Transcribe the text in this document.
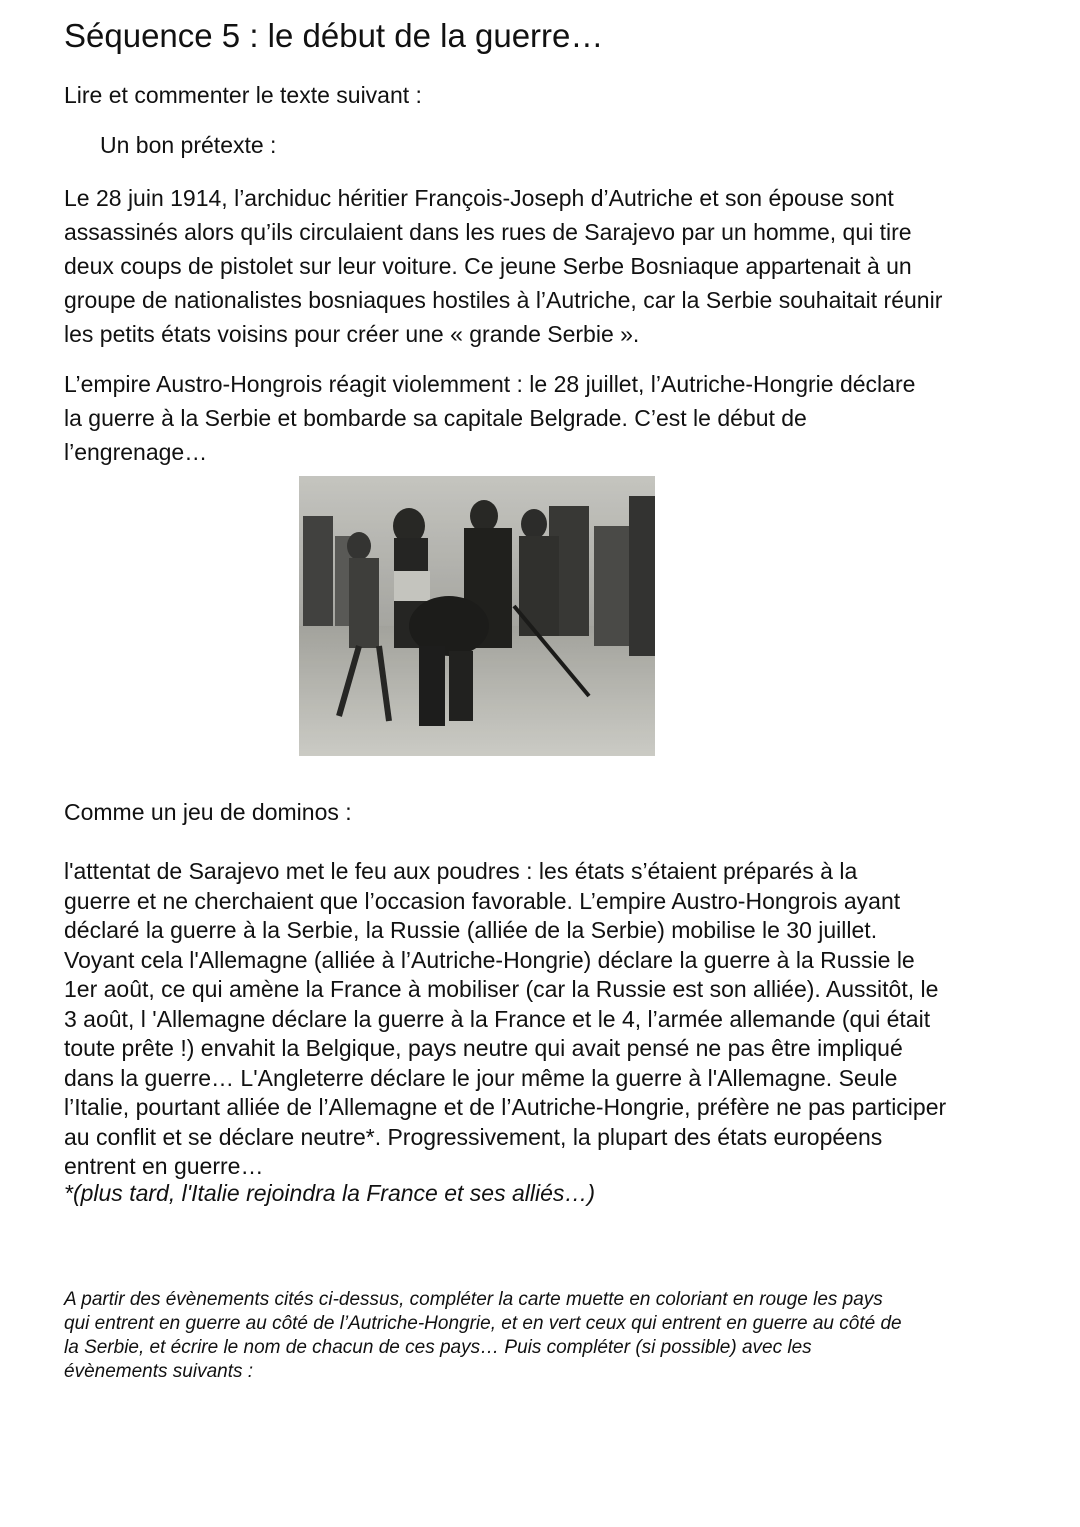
Séquence 5 : le début de la guerre…
Lire et commenter le texte suivant :
Un bon prétexte :

Le 28 juin 1914, l’archiduc héritier François-Joseph d’Autriche et son épouse sont
assassinés alors qu’ils circulaient dans les rues de Sarajevo par un homme, qui tire
deux coups de pistolet sur leur voiture. Ce jeune Serbe Bosniaque appartenait à un
groupe de nationalistes bosniaques hostiles à l’Autriche, car la Serbie souhaitait réunir
les petits états voisins pour créer une « grande Serbie ».

L’empire Austro-Hongrois réagit violemment : le 28 juillet, l’Autriche-Hongrie déclare
la guerre à la Serbie et bombarde sa capitale Belgrade. C’est le début de
l’engrenage…

Comme un jeu de dominos :

l'attentat de Sarajevo met le feu aux poudres : les états s’étaient préparés à la
guerre et ne cherchaient que l’occasion favorable. L’empire Austro-Hongrois ayant
déclaré la guerre à la Serbie, la Russie (alliée de la Serbie) mobilise le 30 juillet.
Voyant cela l'Allemagne (alliée à l’Autriche-Hongrie) déclare la guerre à la Russie le
1er août, ce qui amène la France à mobiliser (car la Russie est son alliée). Aussitôt, le
3 août, l 'Allemagne déclare la guerre à la France et le 4, l’armée allemande (qui était
toute prête !) envahit la Belgique, pays neutre qui avait pensé ne pas être impliqué
dans la guerre… L'Angleterre déclare le jour même la guerre à l'Allemagne. Seule
l’Italie, pourtant alliée de l’Allemagne et de l’Autriche-Hongrie, préfère ne pas participer
au conflit et se déclare neutre*. Progressivement, la plupart des états européens
entrent en guerre…

*(plus tard, l'Italie rejoindra la France et ses alliés…)

A partir des évènements cités ci-dessus, compléter la carte muette en coloriant en rouge les pays
qui entrent en guerre au côté de l’Autriche-Hongrie, et en vert ceux qui entrent en guerre au côté de
la Serbie, et écrire le nom de chacun de ces pays… Puis compléter (si possible) avec les
évènements suivants :
